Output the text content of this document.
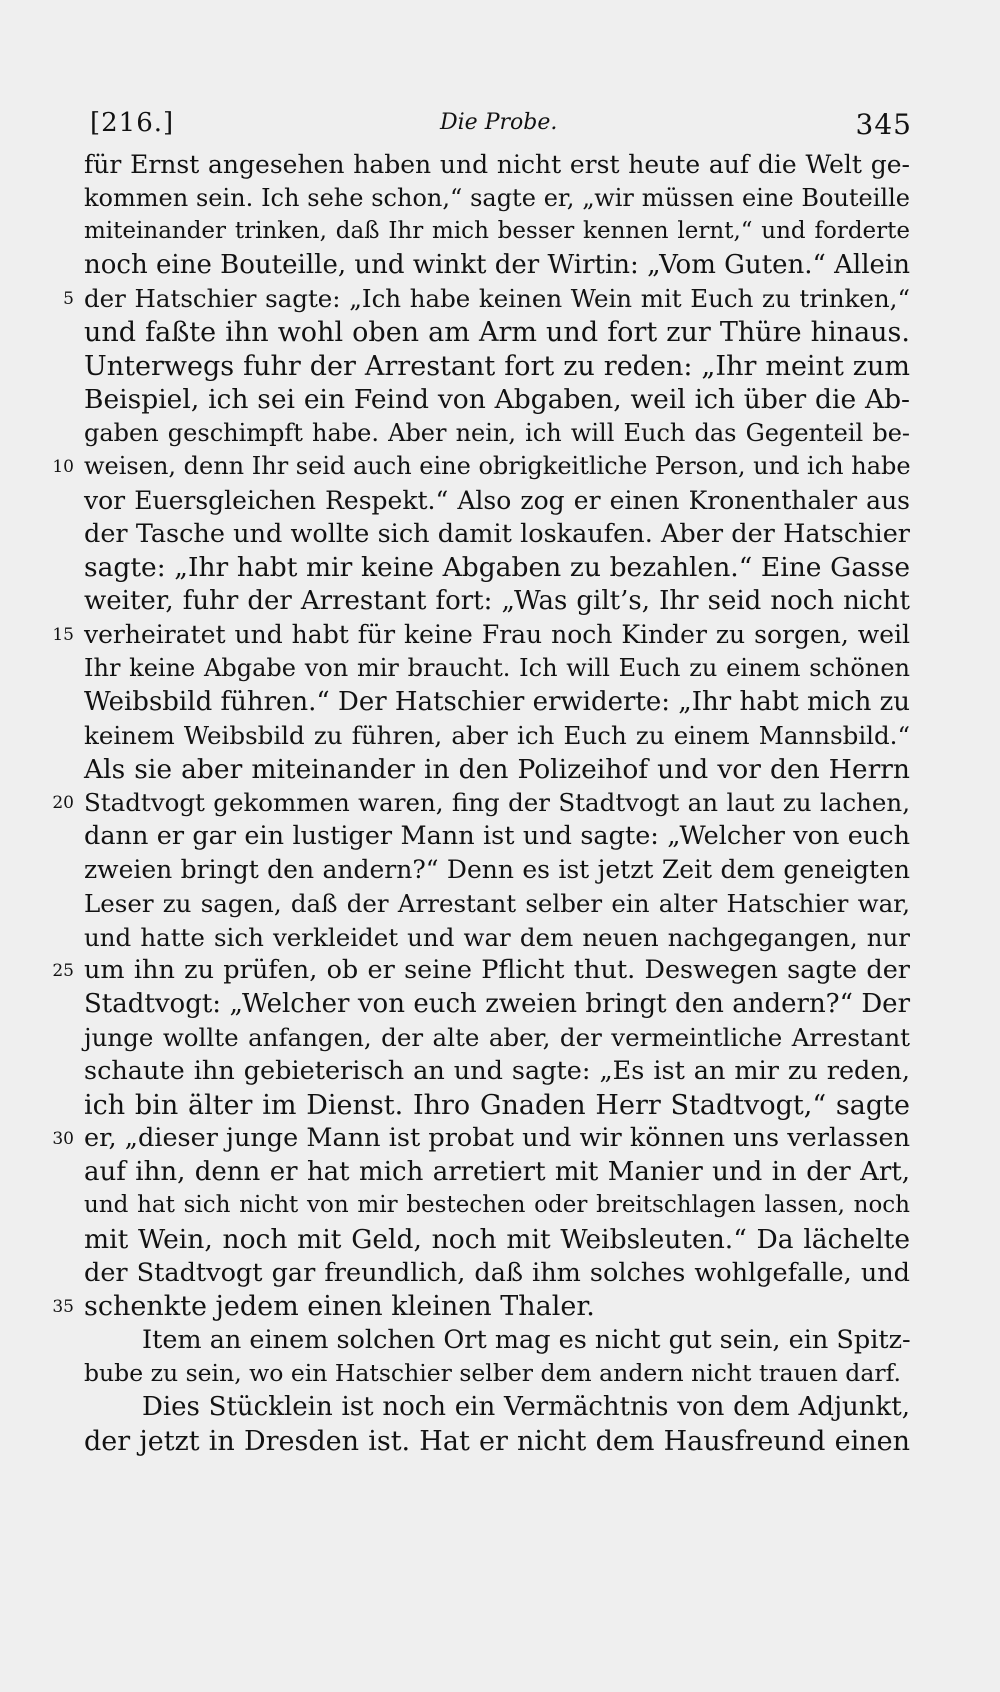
[216.]	Die Probe.	345
für Ernst angesehen haben und nicht erst heute auf die Welt ge-
kommen sein. Ich sehe schon,“ sagte er, „wir müssen eine Bouteille
miteinander trinken, daß Ihr mich besser kennen lernt,“ und forderte
noch eine Bouteille, und winkt der Wirtin: „Vom Guten.“ Allein
5 der Hatschier sagte: „Ich habe keinen Wein mit Euch zu trinken,“
und faßte ihn wohl oben am Arm und fort zur Thüre hinaus.
Unterwegs fuhr der Arrestant fort zu reden: „Ihr meint zum
Beispiel, ich sei ein Feind von Abgaben, weil ich über die Ab-
gaben geschimpft habe. Aber nein, ich will Euch das Gegenteil be-
10 weisen, denn Ihr seid auch eine obrigkeitliche Person, und ich habe
vor Euersgleichen Respekt.“ Also zog er einen Kronenthaler aus
der Tasche und wollte sich damit loskaufen. Aber der Hatschier
sagte: „Ihr habt mir keine Abgaben zu bezahlen.“ Eine Gasse
weiter, fuhr der Arrestant fort: „Was gilt’s, Ihr seid noch nicht
15 verheiratet und habt für keine Frau noch Kinder zu sorgen, weil
Ihr keine Abgabe von mir braucht. Ich will Euch zu einem schönen
Weibsbild führen.“ Der Hatschier erwiderte: „Ihr habt mich zu
keinem Weibsbild zu führen, aber ich Euch zu einem Mannsbild.“
Als sie aber miteinander in den Polizeihof und vor den Herrn
20 Stadtvogt gekommen waren, fing der Stadtvogt an laut zu lachen,
dann er gar ein lustiger Mann ist und sagte: „Welcher von euch
zweien bringt den andern?“ Denn es ist jetzt Zeit dem geneigten
Leser zu sagen, daß der Arrestant selber ein alter Hatschier war,
und hatte sich verkleidet und war dem neuen nachgegangen, nur
25 um ihn zu prüfen, ob er seine Pflicht thut. Deswegen sagte der
Stadtvogt: „Welcher von euch zweien bringt den andern?“ Der
junge wollte anfangen, der alte aber, der vermeintliche Arrestant
schaute ihn gebieterisch an und sagte: „Es ist an mir zu reden,
ich bin älter im Dienst. Ihro Gnaden Herr Stadtvogt,“ sagte
30 er, „dieser junge Mann ist probat und wir können uns verlassen
auf ihn, denn er hat mich arretiert mit Manier und in der Art,
und hat sich nicht von mir bestechen oder breitschlagen lassen, noch
mit Wein, noch mit Geld, noch mit Weibsleuten.“ Da lächelte
der Stadtvogt gar freundlich, daß ihm solches wohlgefalle, und
35 schenkte jedem einen kleinen Thaler.
Item an einem solchen Ort mag es nicht gut sein, ein Spitz-
bube zu sein, wo ein Hatschier selber dem andern nicht trauen darf.
Dies Stücklein ist noch ein Vermächtnis von dem Adjunkt,
der jetzt in Dresden ist. Hat er nicht dem Hausfreund einen
